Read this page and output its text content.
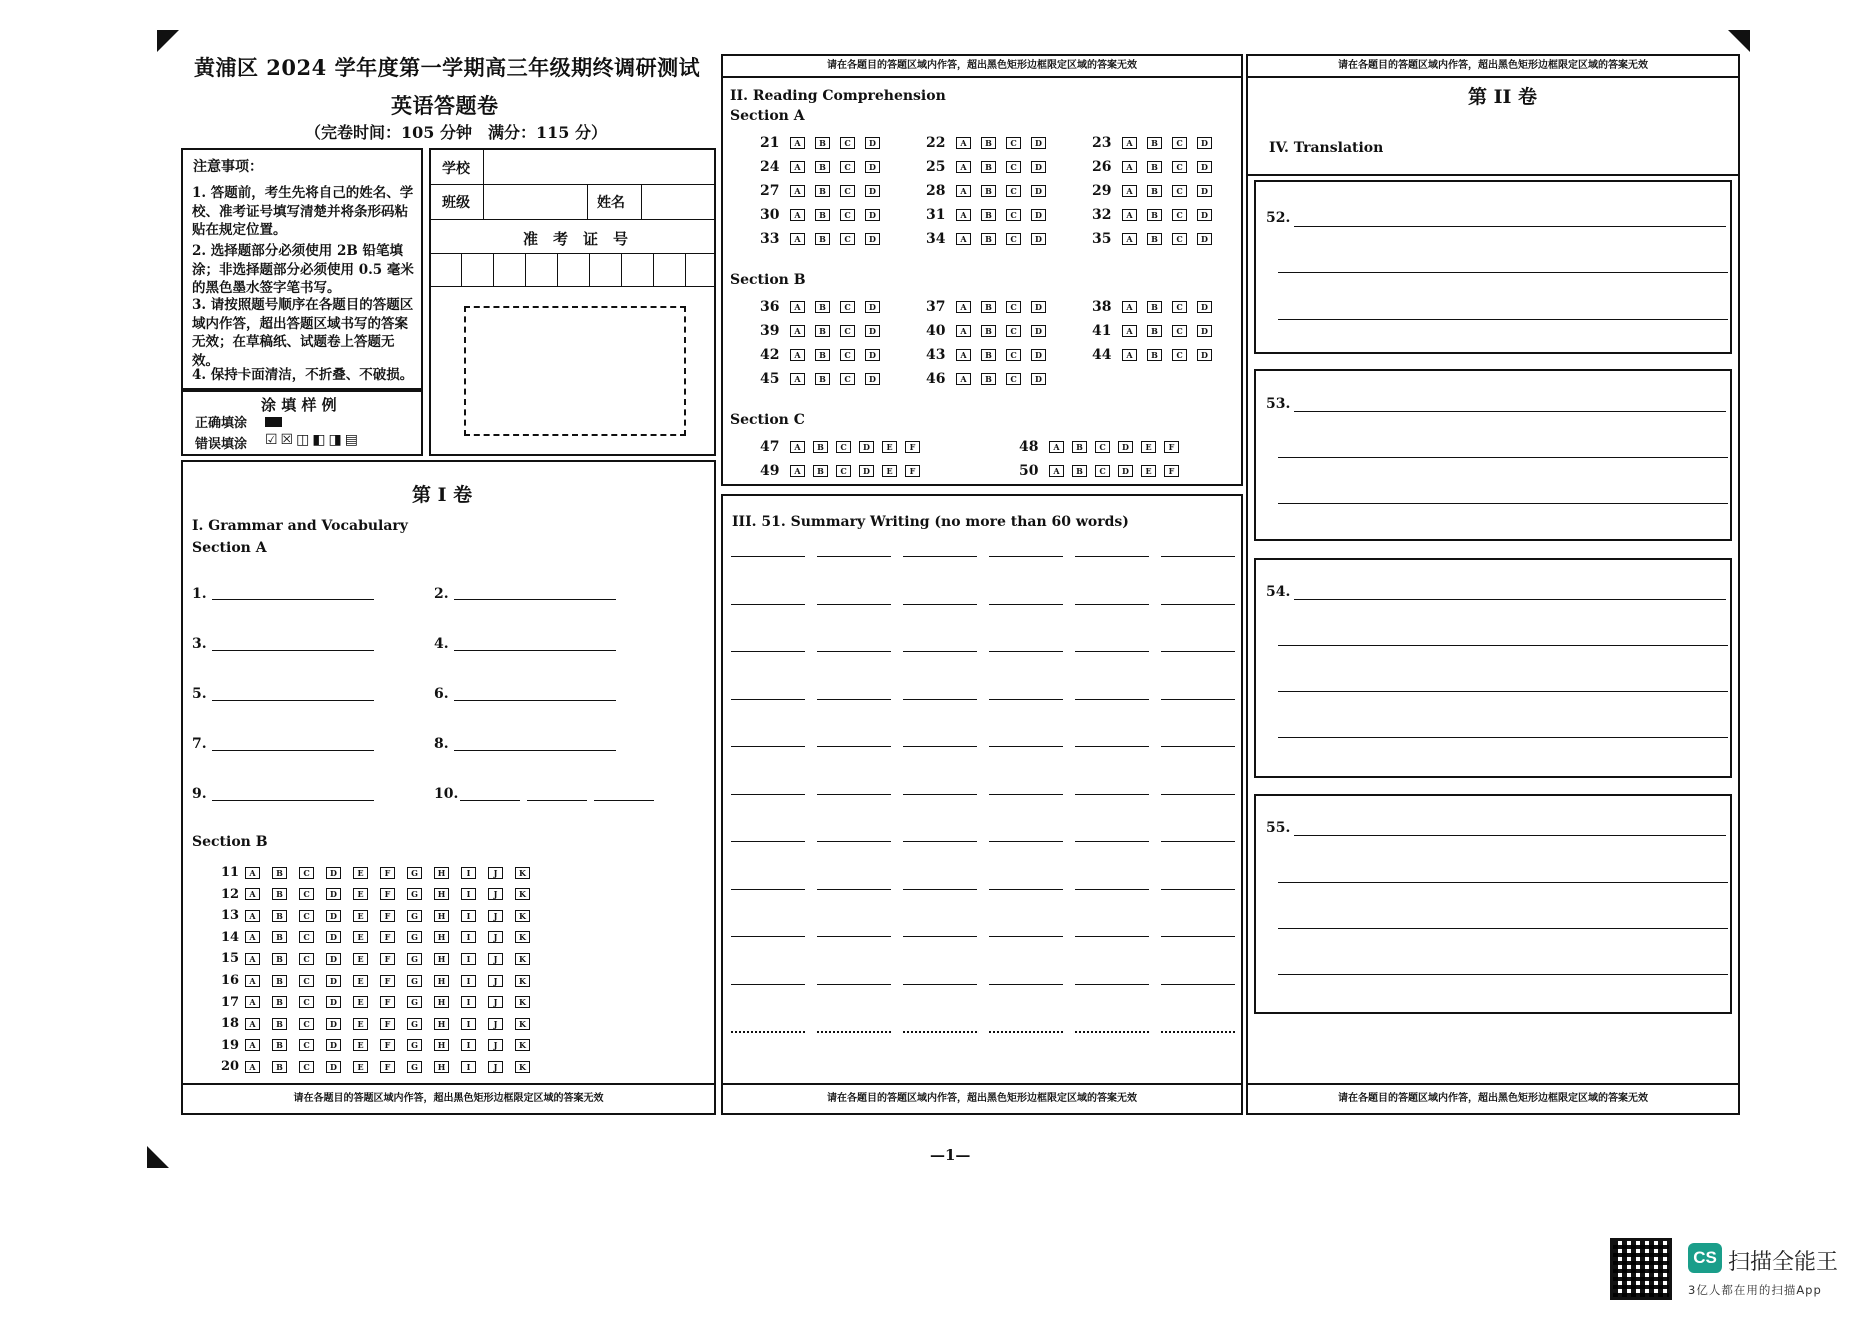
黄浦区 2024 学年度第一学期高三年级期终调研测试
英语答题卷
（完卷时间：105 分钟　满分：115 分）
注意事项：
1. 答题前，考生先将自己的姓名、学校、准考证号填写清楚并将条形码粘贴在规定位置。
2. 选择题部分必须使用 2B 铅笔填涂；非选择题部分必须使用 0.5 毫米的黑色墨水签字笔书写。
3. 请按照题号顺序在各题目的答题区域内作答，超出答题区域书写的答案无效；在草稿纸、试题卷上答题无效。
4. 保持卡面清洁，不折叠、不破损。
涂 填 样 例
正确填涂
错误填涂 ☑☒◫◧◨▤
学校
班级	姓名
准　考　证　号
第 I 卷
I. Grammar and Vocabulary
Section A
1.	2.
3.	4.
5.	6.
7.	8.
9.	10.
Section B
11 A	B	C	D	E	F	G H	I	J	K
12 A	B	C	D	E	F	G H	I	J	K
13 A	B	C	D	E	F	G H	I	J	K
14 A	B	C	D	E	F	G H	I	J	K
15 A	B	C	D	E	F	G H	I	J	K
16 A	B	C	D	E	F	G H	I	J	K
17 A	B	C	D	E	F	G H	I	J	K
18 A	B	C	D	E	F	G H	I	J	K
19 A	B	C	D	E	F	G H	I	J	K
20 A	B	C	D	E	F	G H	I	J	K
请在各题目的答题区域内作答，超出黑色矩形边框限定区域的答案无效
请在各题目的答题区域内作答，超出黑色矩形边框限定区域的答案无效
II. Reading Comprehension
Section A
21 A B C D	22 A B C D	23 A B C D
24 A B C D	25 A B C D	26 A B C D
27 A B C D	28 A B C D	29 A B C D
30 A B C D	31 A B C D	32 A B C D
33 A B C D	34 A B C D	35 A B C D
Section B
36 A B C D	37 A B C D	38 A B C D
39 A B C D	40 A B C D	41 A B C D
42 A B C D	43 A B C D	44 A B C D
45 A B C D	46 A B C D
Section C
47 A B C D E F	48 A B C D E F
49 A B C D E F	50 A B C D E F
III. 51. Summary Writing (no more than 60 words)
请在各题目的答题区域内作答，超出黑色矩形边框限定区域的答案无效
请在各题目的答题区域内作答，超出黑色矩形边框限定区域的答案无效
第 II 卷
IV. Translation
52.
53.
54.
55.
请在各题目的答题区域内作答，超出黑色矩形边框限定区域的答案无效
—1—
CS 扫描全能王
3亿人都在用的扫描App
